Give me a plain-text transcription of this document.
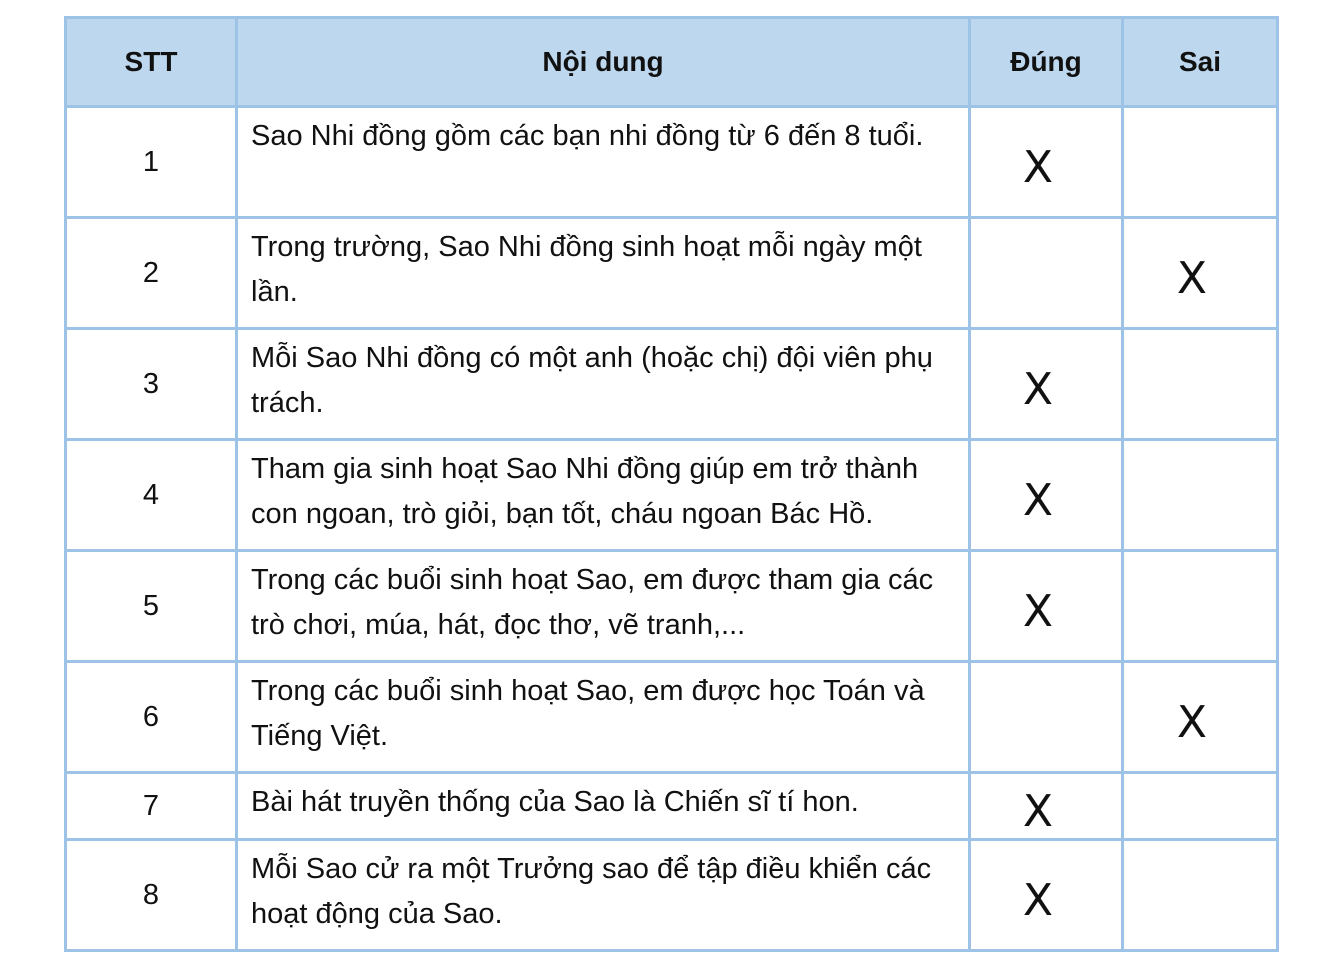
STT	Nội dung	Đúng	Sai
1	Sao Nhi đồng gồm các bạn nhi đồng từ 6 đến 8 tuổi.	X	
2	Trong trường, Sao Nhi đồng sinh hoạt mỗi ngày một lần.		X
3	Mỗi Sao Nhi đồng có một anh (hoặc chị) đội viên phụ trách.	X	
4	Tham gia sinh hoạt Sao Nhi đồng giúp em trở thành con ngoan, trò giỏi, bạn tốt, cháu ngoan Bác Hồ.	X	
5	Trong các buổi sinh hoạt Sao, em được tham gia các trò chơi, múa, hát, đọc thơ, vẽ tranh,...	X	
6	Trong các buổi sinh hoạt Sao, em được học Toán và Tiếng Việt.		X
7	Bài hát truyền thống của Sao là Chiến sĩ tí hon.	X	
8	Mỗi Sao cử ra một Trưởng sao để tập điều khiển các hoạt động của Sao.	X	
